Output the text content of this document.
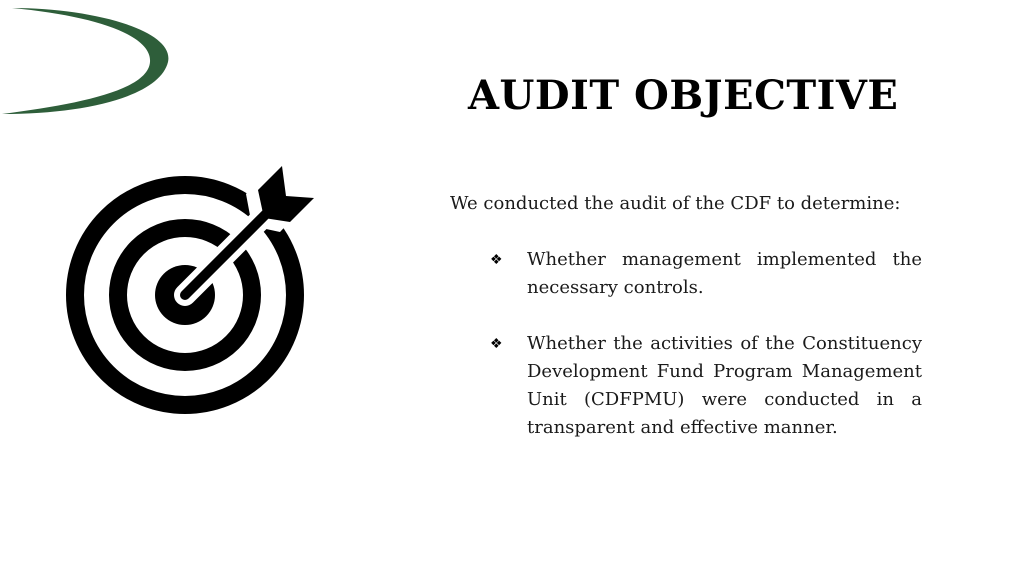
AUDIT OBJECTIVE

We conducted the audit of the CDF to determine:

❖ Whether management implemented the necessary controls.
❖ Whether the activities of the Constituency Development Fund Program Management Unit (CDFPMU) were conducted in a transparent and effective manner.
